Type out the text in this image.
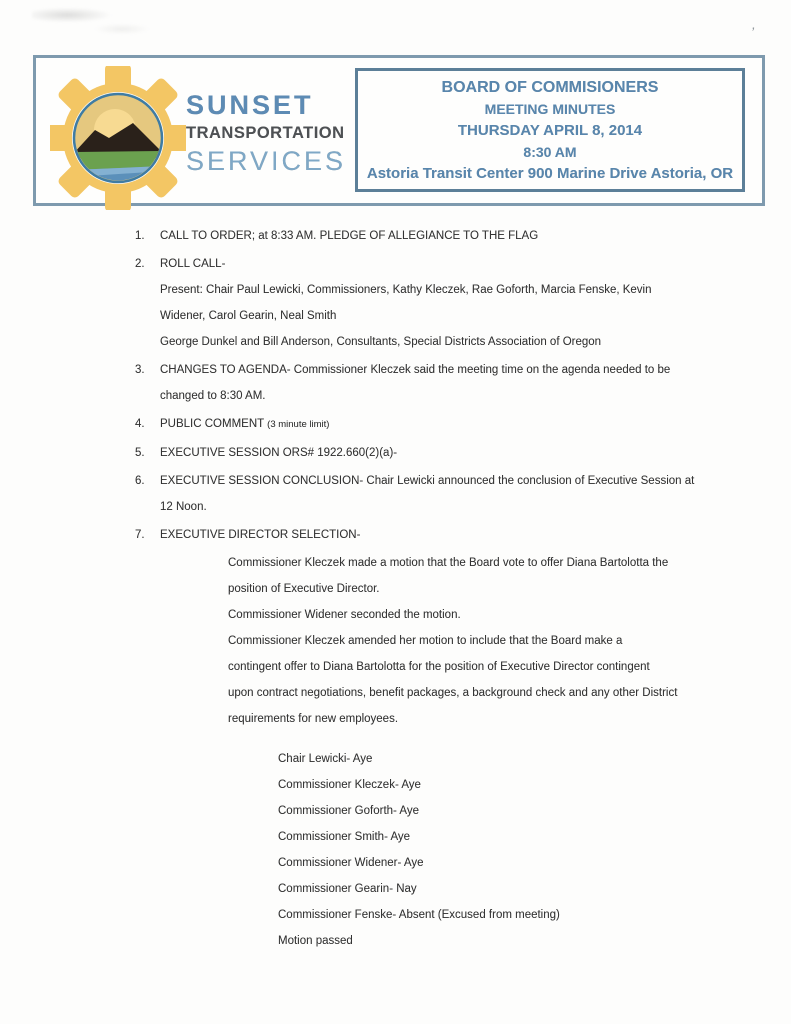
’
SUNSET
TRANSPORTATION
SERVICES
BOARD OF COMMISIONERS
MEETING MINUTES
THURSDAY APRIL 8, 2014
8:30 AM
Astoria Transit Center 900 Marine Drive Astoria, OR
1.	CALL TO ORDER; at 8:33 AM. PLEDGE OF ALLEGIANCE TO THE FLAG
2.	ROLL CALL-
Present: Chair Paul Lewicki, Commissioners, Kathy Kleczek, Rae Goforth, Marcia Fenske, Kevin
Widener, Carol Gearin, Neal Smith
George Dunkel and Bill Anderson, Consultants, Special Districts Association of Oregon
3.	CHANGES TO AGENDA- Commissioner Kleczek said the meeting time on the agenda needed to be
changed to 8:30 AM.
4.	PUBLIC COMMENT (3 minute limit)
5.	EXECUTIVE SESSION ORS# 1922.660(2)(a)-
6.	EXECUTIVE SESSION CONCLUSION- Chair Lewicki announced the conclusion of Executive Session at
12 Noon.
7.	EXECUTIVE DIRECTOR SELECTION-
Commissioner Kleczek made a motion that the Board vote to offer Diana Bartolotta the
position of Executive Director.
Commissioner Widener seconded the motion.
Commissioner Kleczek amended her motion to include that the Board make a
contingent offer to Diana Bartolotta for the position of Executive Director contingent
upon contract negotiations, benefit packages, a background check and any other District
requirements for new employees.
Chair Lewicki- Aye
Commissioner Kleczek- Aye
Commissioner Goforth- Aye
Commissioner Smith- Aye
Commissioner Widener- Aye
Commissioner Gearin- Nay
Commissioner Fenske- Absent (Excused from meeting)
Motion passed
